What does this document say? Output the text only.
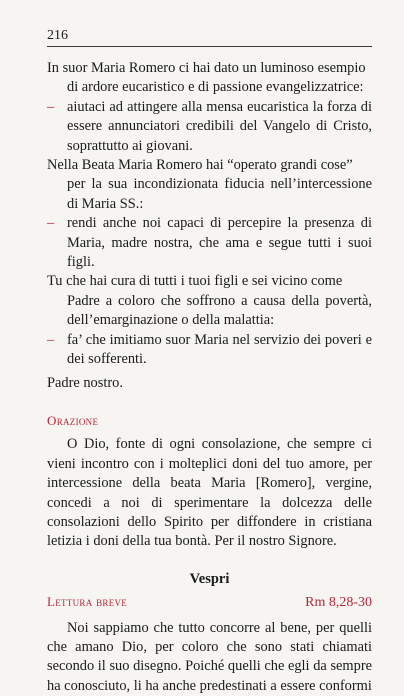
216

In suor Maria Romero ci hai dato un luminoso esempio

di ardore eucaristico e di passione evangelizzatrice:

– aiutaci ad attingere alla mensa eucaristica la forza di essere annunciatori credibili del Vangelo di Cristo, soprattutto ai giovani.

Nella Beata Maria Romero hai “operato grandi cose”

per la sua incondizionata fiducia nell’intercessione di Maria SS.:

– rendi anche noi capaci di percepire la presenza di Maria, madre nostra, che ama e segue tutti i suoi figli.

Tu che hai cura di tutti i tuoi figli e sei vicino come

Padre a coloro che soffrono a causa della povertà, dell’emarginazione o della malattia:

– fa’ che imitiamo suor Maria nel servizio dei poveri e dei sofferenti.

Padre nostro.

Orazione

O Dio, fonte di ogni consolazione, che sempre ci vieni incontro con i molteplici doni del tuo amore, per intercessione della beata Maria [Romero], vergine, concedi a noi di sperimentare la dolcezza delle consolazioni dello Spirito per diffondere in cristiana letizia i doni della tua bontà. Per il nostro Signore.

Vespri

Lettura breve	Rm 8,28-30

Noi sappiamo che tutto concorre al bene, per quelli che amano Dio, per coloro che sono stati chiamati secondo il suo disegno. Poiché quelli che egli da sempre ha conosciuto, li ha anche predestinati a essere conformi
